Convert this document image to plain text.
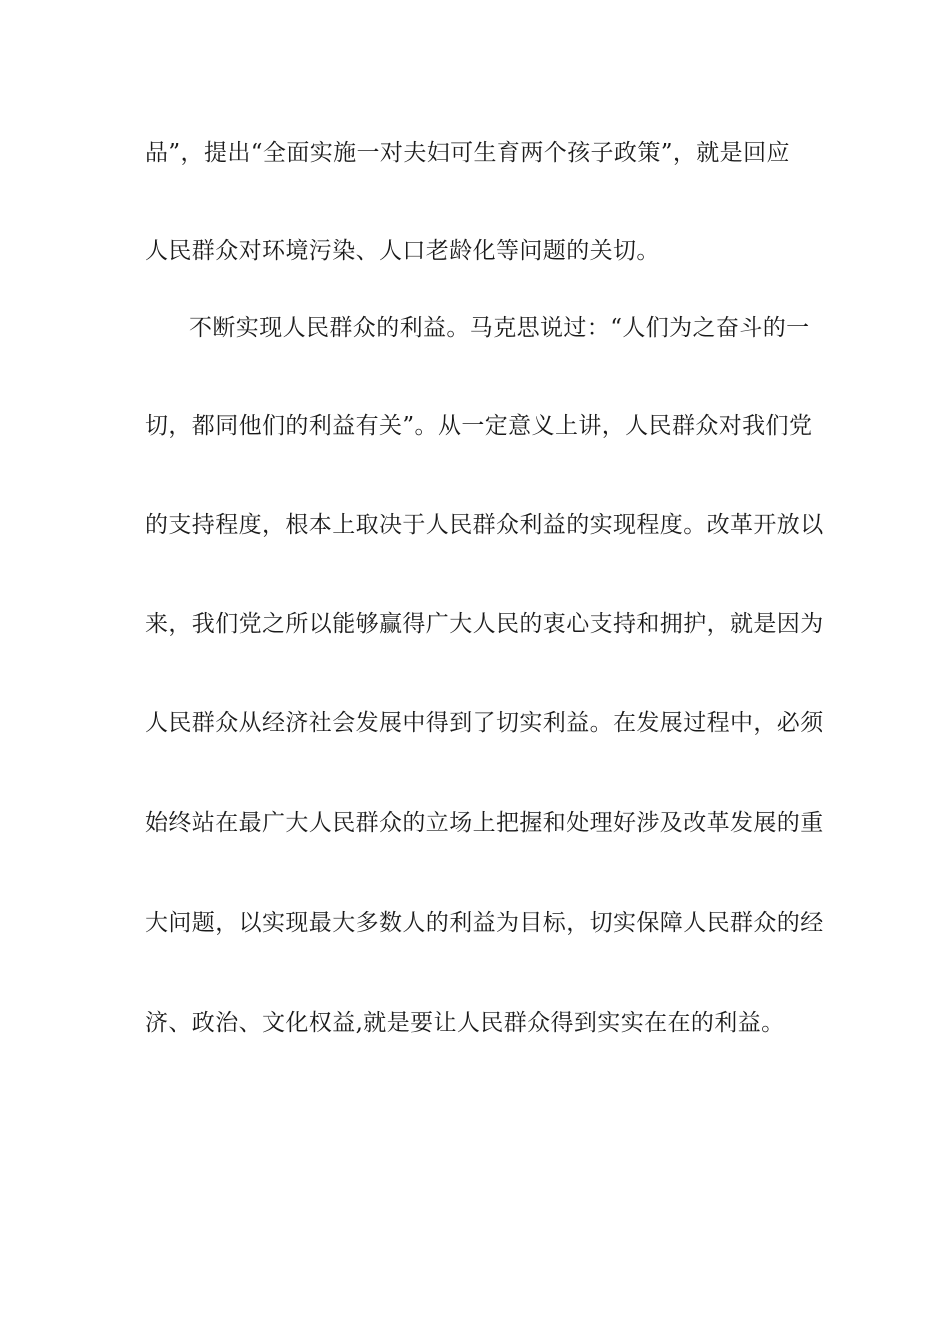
品”，提出“全面实施一对夫妇可生育两个孩子政策”，就是回应
人民群众对环境污染、人口老龄化等问题的关切。
不断实现人民群众的利益。马克思说过：“人们为之奋斗的一
切，都同他们的利益有关”。从一定意义上讲，人民群众对我们党
的支持程度，根本上取决于人民群众利益的实现程度。改革开放以
来，我们党之所以能够赢得广大人民的衷心支持和拥护，就是因为
人民群众从经济社会发展中得到了切实利益。在发展过程中，必须
始终站在最广大人民群众的立场上把握和处理好涉及改革发展的重
大问题，以实现最大多数人的利益为目标，切实保障人民群众的经
济、政治、文化权益,就是要让人民群众得到实实在在的利益。
